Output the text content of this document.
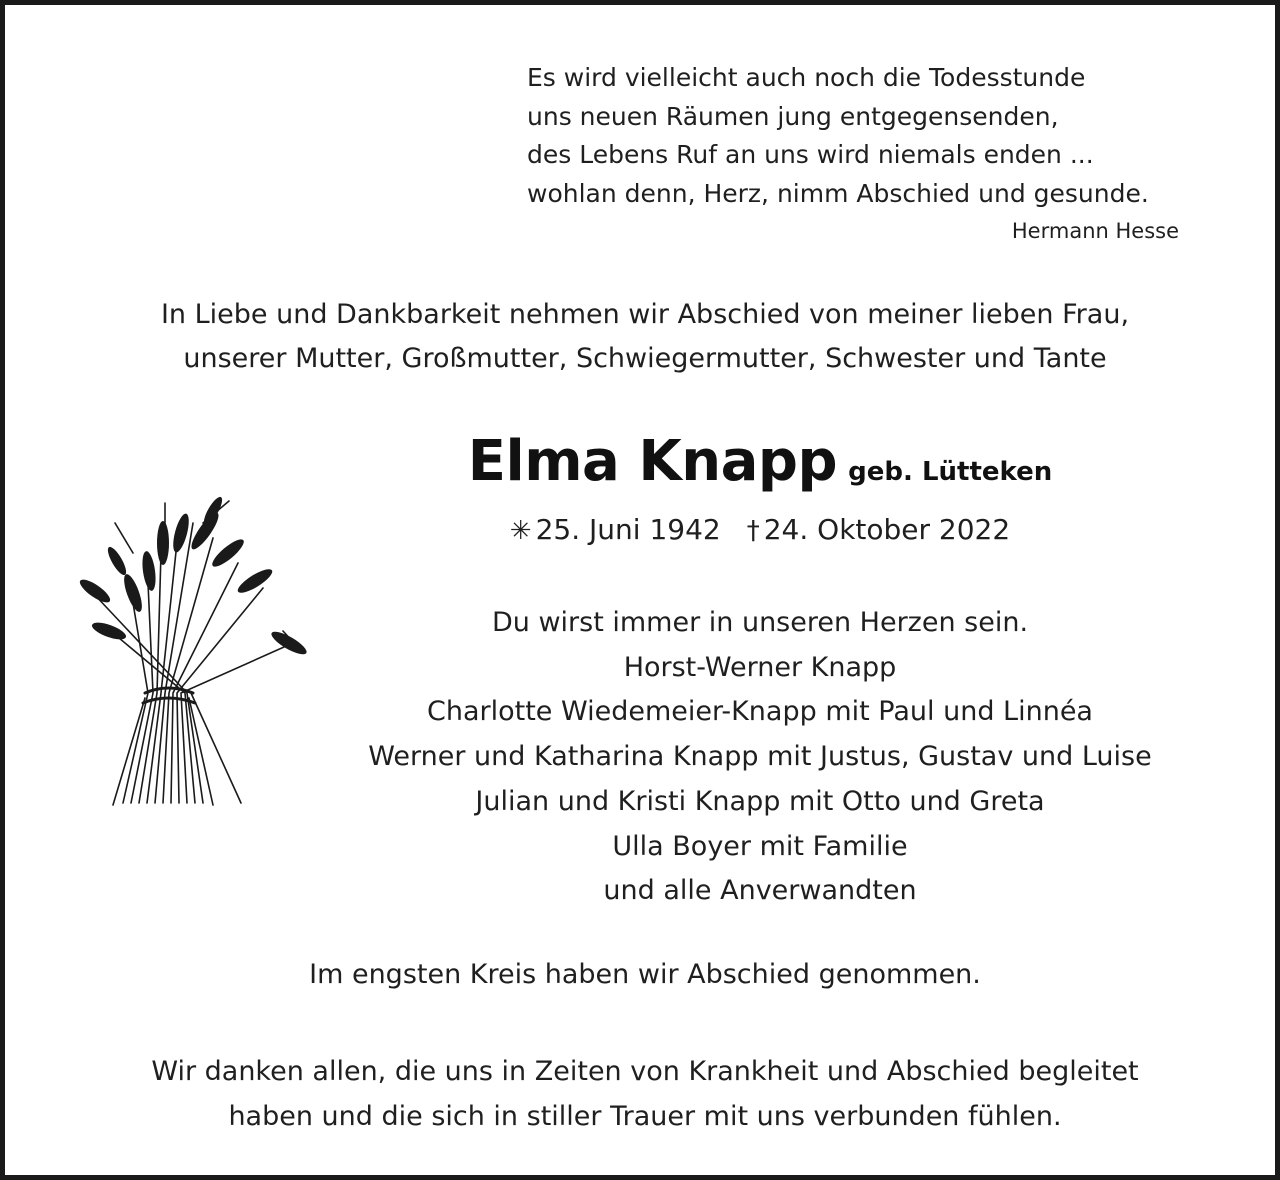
Es wird vielleicht auch noch die Todesstunde
uns neuen Räumen jung entgegensenden,
des Lebens Ruf an uns wird niemals enden ...
wohlan denn, Herz, nimm Abschied und gesunde.
Hermann Hesse
In Liebe und Dankbarkeit nehmen wir Abschied von meiner lieben Frau,
unserer Mutter, Großmutter, Schwiegermutter, Schwester und Tante
Elma Knapp geb. Lütteken
✳ 25. Juni 1942 † 24. Oktober 2022
Du wirst immer in unseren Herzen sein.
Horst-Werner Knapp
Charlotte Wiedemeier-Knapp mit Paul und Linnéa
Werner und Katharina Knapp mit Justus, Gustav und Luise
Julian und Kristi Knapp mit Otto und Greta
Ulla Boyer mit Familie
und alle Anverwandten
Im engsten Kreis haben wir Abschied genommen.
Wir danken allen, die uns in Zeiten von Krankheit und Abschied begleitet
haben und die sich in stiller Trauer mit uns verbunden fühlen.
